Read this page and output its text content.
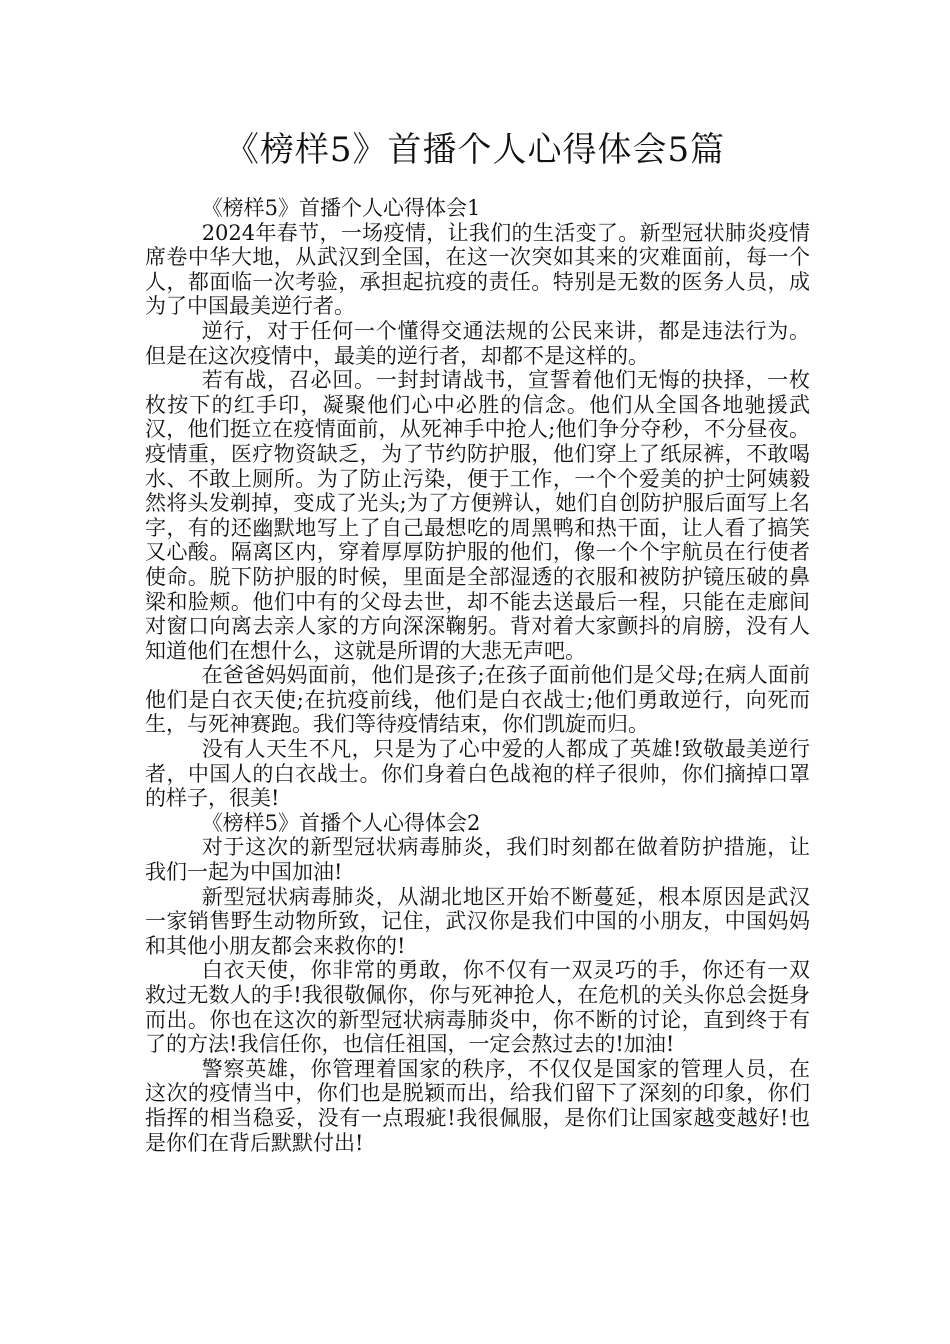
《榜样5》首播个人心得体会5篇
《榜样5》首播个人心得体会1

2024年春节，一场疫情，让我们的生活变了。新型冠状肺炎疫情席卷中华大地，从武汉到全国，在这一次突如其来的灾难面前，每一个人，都面临一次考验，承担起抗疫的责任。特别是无数的医务人员，成为了中国最美逆行者。

逆行，对于任何一个懂得交通法规的公民来讲，都是违法行为。但是在这次疫情中，最美的逆行者，却都不是这样的。

若有战，召必回。一封封请战书，宣誓着他们无悔的抉择，一枚枚按下的红手印，凝聚他们心中必胜的信念。他们从全国各地驰援武汉，他们挺立在疫情面前，从死神手中抢人;他们争分夺秒，不分昼夜。疫情重，医疗物资缺乏，为了节约防护服，他们穿上了纸尿裤，不敢喝水、不敢上厕所。为了防止污染，便于工作，一个个爱美的护士阿姨毅然将头发剃掉，变成了光头;为了方便辨认，她们自创防护服后面写上名字，有的还幽默地写上了自己最想吃的周黑鸭和热干面，让人看了搞笑又心酸。隔离区内，穿着厚厚防护服的他们，像一个个宇航员在行使者使命。脱下防护服的时候，里面是全部湿透的衣服和被防护镜压破的鼻梁和脸颊。他们中有的父母去世，却不能去送最后一程，只能在走廊间对窗口向离去亲人家的方向深深鞠躬。背对着大家颤抖的肩膀，没有人知道他们在想什么，这就是所谓的大悲无声吧。

在爸爸妈妈面前，他们是孩子;在孩子面前他们是父母;在病人面前他们是白衣天使;在抗疫前线，他们是白衣战士;他们勇敢逆行，向死而生，与死神赛跑。我们等待疫情结束，你们凯旋而归。

没有人天生不凡，只是为了心中爱的人都成了英雄!致敬最美逆行者，中国人的白衣战士。你们身着白色战袍的样子很帅，你们摘掉口罩的样子，很美!

《榜样5》首播个人心得体会2

对于这次的新型冠状病毒肺炎，我们时刻都在做着防护措施，让我们一起为中国加油!

新型冠状病毒肺炎，从湖北地区开始不断蔓延，根本原因是武汉一家销售野生动物所致，记住，武汉你是我们中国的小朋友，中国妈妈和其他小朋友都会来救你的!

白衣天使，你非常的勇敢，你不仅有一双灵巧的手，你还有一双救过无数人的手!我很敬佩你，你与死神抢人，在危机的关头你总会挺身而出。你也在这次的新型冠状病毒肺炎中，你不断的讨论，直到终于有了的方法!我信任你，也信任祖国，一定会熬过去的!加油!

警察英雄，你管理着国家的秩序，不仅仅是国家的管理人员，在这次的疫情当中，你们也是脱颖而出，给我们留下了深刻的印象，你们指挥的相当稳妥，没有一点瑕疵!我很佩服，是你们让国家越变越好!也是你们在背后默默付出!
